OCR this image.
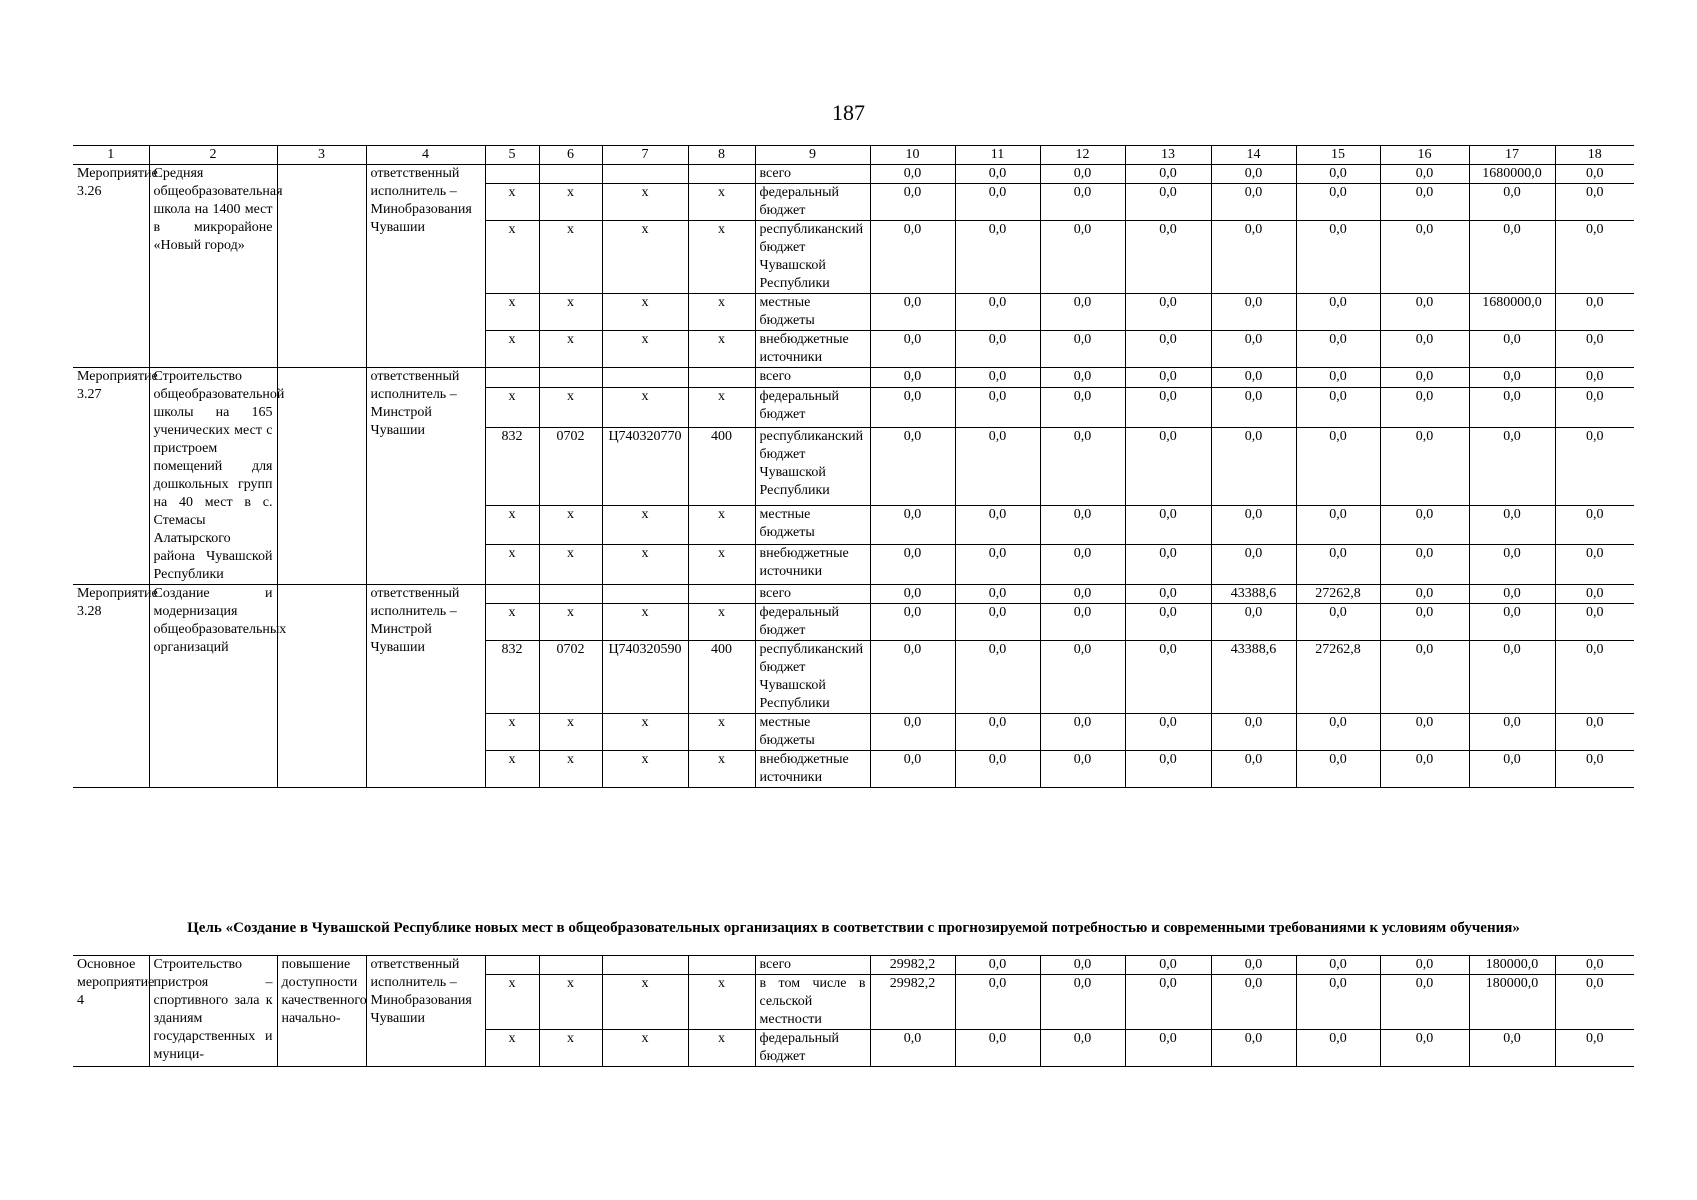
187
1	2	3	4	5	6	7	8	9	10	11	12	13	14	15	16	17	18
Мероприятие 3.26	Средняя общеобразовательная школа на 1400 мест в микрорайоне «Новый город»		ответственный исполнитель – Минобразования Чувашии					всего	0,0	0,0	0,0	0,0	0,0	0,0	0,0	1680000,0	0,0
				x	x	x	x	федеральный бюджет	0,0	0,0	0,0	0,0	0,0	0,0	0,0	0,0	0,0
				x	x	x	x	республиканский бюджет Чувашской Республики	0,0	0,0	0,0	0,0	0,0	0,0	0,0	0,0	0,0
				x	x	x	x	местные бюджеты	0,0	0,0	0,0	0,0	0,0	0,0	0,0	1680000,0	0,0
				x	x	x	x	внебюджетные источники	0,0	0,0	0,0	0,0	0,0	0,0	0,0	0,0	0,0
Мероприятие 3.27	Строительство общеобразовательной школы на 165 ученических мест с пристроем помещений для дошкольных групп на 40 мест в с. Стемасы Алатырского района Чувашской Республики		ответственный исполнитель – Минстрой Чувашии					всего	0,0	0,0	0,0	0,0	0,0	0,0	0,0	0,0	0,0
				x	x	x	x	федеральный бюджет	0,0	0,0	0,0	0,0	0,0	0,0	0,0	0,0	0,0
				832	0702	Ц740320770	400	республиканский бюджет Чувашской Республики	0,0	0,0	0,0	0,0	0,0	0,0	0,0	0,0	0,0
				x	x	x	x	местные бюджеты	0,0	0,0	0,0	0,0	0,0	0,0	0,0	0,0	0,0
				x	x	x	x	внебюджетные источники	0,0	0,0	0,0	0,0	0,0	0,0	0,0	0,0	0,0
Мероприятие 3.28	Создание и модернизация общеобразовательных организаций		ответственный исполнитель – Минстрой Чувашии					всего	0,0	0,0	0,0	0,0	43388,6	27262,8	0,0	0,0	0,0
				x	x	x	x	федеральный бюджет	0,0	0,0	0,0	0,0	0,0	0,0	0,0	0,0	0,0
				832	0702	Ц740320590	400	республиканский бюджет Чувашской Республики	0,0	0,0	0,0	0,0	43388,6	27262,8	0,0	0,0	0,0
				x	x	x	x	местные бюджеты	0,0	0,0	0,0	0,0	0,0	0,0	0,0	0,0	0,0
				x	x	x	x	внебюджетные источники	0,0	0,0	0,0	0,0	0,0	0,0	0,0	0,0	0,0
Цель «Создание в Чувашской Республике новых мест в общеобразовательных организациях в соответствии с прогнозируемой потребностью и современными требованиями к условиям обучения»
Основное мероприятие 4	Строительство пристроя – спортивного зала к зданиям государственных и муници-	повышение доступности качественного начально-	ответственный исполнитель – Минобразования Чувашии					всего	29982,2	0,0	0,0	0,0	0,0	0,0	0,0	180000,0	0,0
				x	x	x	x	в том числе в сельской местности	29982,2	0,0	0,0	0,0	0,0	0,0	0,0	180000,0	0,0
				x	x	x	x	федеральный бюджет	0,0	0,0	0,0	0,0	0,0	0,0	0,0	0,0	0,0
